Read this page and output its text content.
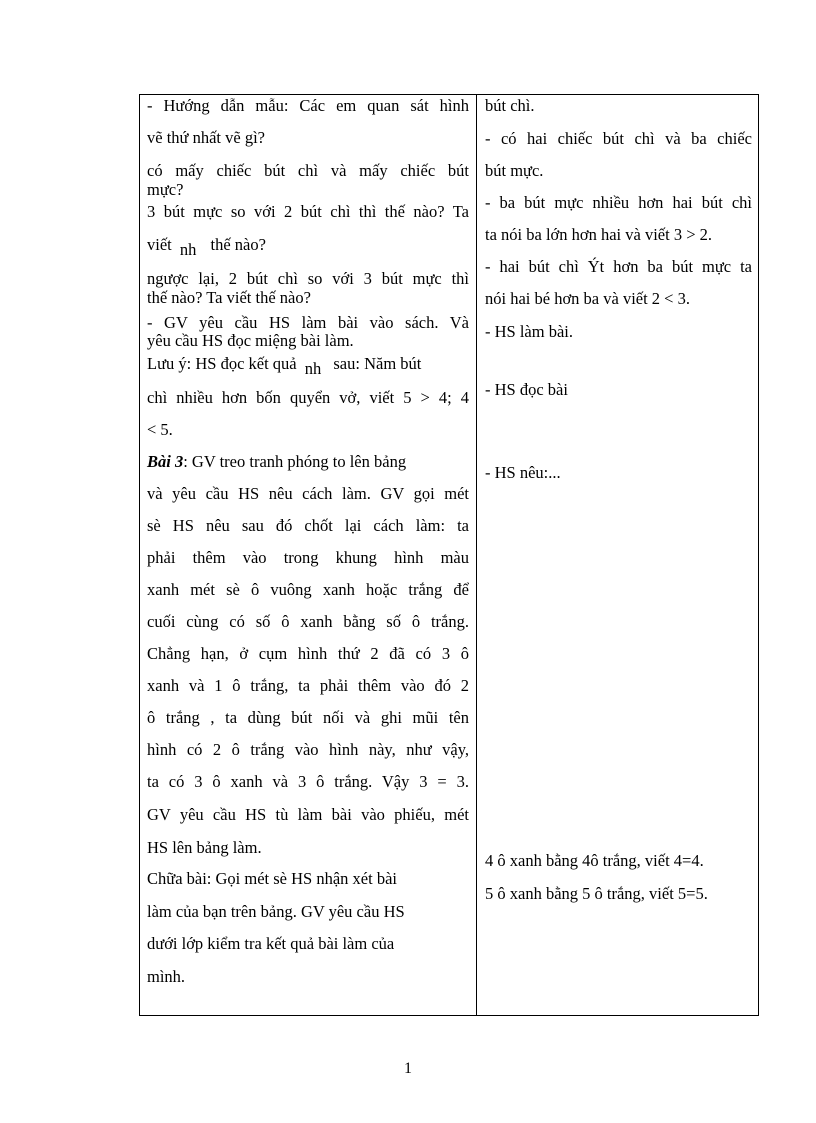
- Hướng dẫn mẫu: Các em quan sát hình
vẽ thứ nhất vẽ gì?
có mấy chiếc bút chì và mấy chiếc bút
mực?
3 bút mực so với 2 bút chì thì thế nào? Ta
viết nh thế nào?
ngược lại, 2 bút chì so với 3 bút mực thì
thế nào? Ta viết thế nào?
- GV yêu cầu HS làm bài vào sách. Và
yêu cầu HS đọc miệng bài làm.
Lưu ý: HS đọc kết quả nh sau: Năm bút
chì nhiều hơn bốn quyển vở, viết 5 > 4; 4
< 5.
Bài 3: GV treo tranh phóng to lên bảng
và yêu cầu HS nêu cách làm. GV gọi mét
sè HS nêu sau đó chốt lại cách làm: ta
phải thêm vào trong khung hình màu
xanh mét sè ô vuông xanh hoặc trắng để
cuối cùng có số ô xanh bằng số ô trắng.
Chẳng hạn, ở cụm hình thứ 2 đã có 3 ô
xanh và 1 ô trắng, ta phải thêm vào đó 2
ô trắng , ta dùng bút nối và ghi mũi tên
hình có 2 ô trắng vào hình này, như vậy,
ta có 3 ô xanh và 3 ô trắng. Vậy 3 = 3.
GV yêu cầu HS tù làm bài vào phiếu, mét
HS lên bảng làm.
Chữa bài: Gọi mét sè HS nhận xét bài
làm của bạn trên bảng. GV yêu cầu HS
dưới lớp kiểm tra kết quả bài làm của
mình.
bút chì.
- có hai chiếc bút chì và ba chiếc
bút mực.
- ba bút mực nhiều hơn hai bút chì
ta nói ba lớn hơn hai và viết 3 > 2.
- hai bút chì Ýt hơn ba bút mực ta
nói hai bé hơn ba và viết 2 < 3.
- HS làm bài.
- HS đọc bài
- HS nêu:...
4 ô xanh bằng 4ô trắng, viết 4=4.
5 ô xanh bằng 5 ô trắng, viết 5=5.
1
